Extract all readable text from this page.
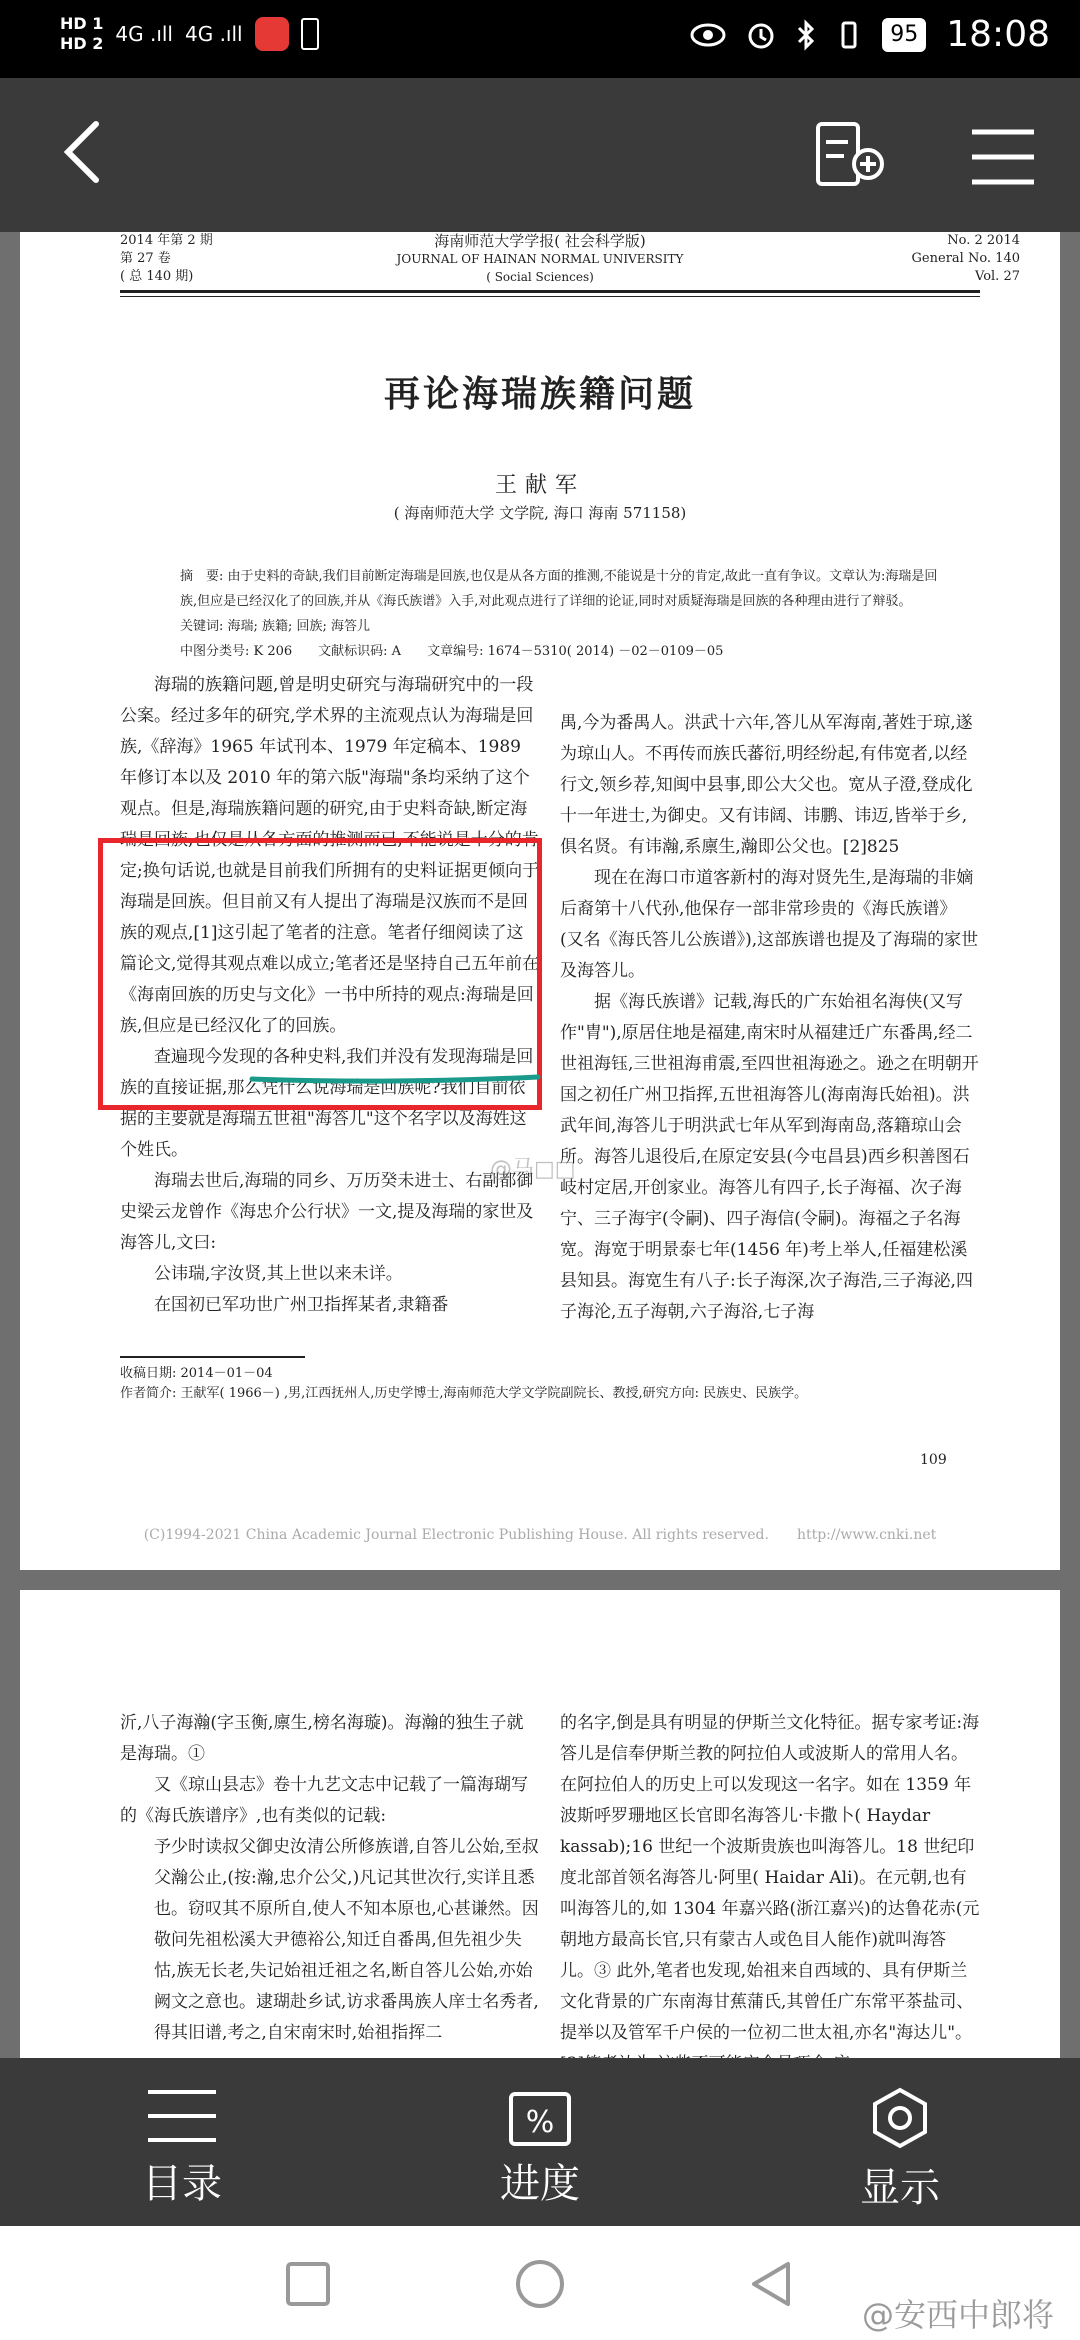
HD 1
HD 2 4G .ıll 4G .ıll	95 18:08
2014 年第 2 期
第 27 卷
( 总 140 期)
海南师范大学学报( 社会科学版)
JOURNAL OF HAINAN NORMAL UNIVERSITY
( Social Sciences)
No. 2 2014
General No. 140
Vol. 27
再论海瑞族籍问题
王献军
( 海南师范大学 文学院, 海口 海南 571158)

摘　要: 由于史料的奇缺,我们目前断定海瑞是回族,也仅是从各方面的推测,不能说是十分的肯定,故此一直有争议。文章认为:海瑞是回族,但应是已经汉化了的回族,并从《海氏族谱》入手,对此观点进行了详细的论证,同时对质疑海瑞是回族的各种理由进行了辩驳。

关键词: 海瑞; 族籍; 回族; 海答儿

中图分类号: K 206　　文献标识码: A　　文章编号: 1674－5310( 2014) －02－0109－05

海瑞的族籍问题,曾是明史研究与海瑞研究中的一段公案。经过多年的研究,学术界的主流观点认为海瑞是回族,《辞海》1965 年试刊本、1979 年定稿本、1989 年修订本以及 2010 年的第六版"海瑞"条均采纳了这个观点。但是,海瑞族籍问题的研究,由于史料奇缺,断定海瑞是回族,也仅是从各方面的推测而已,不能说是十分的肯定;换句话说,也就是目前我们所拥有的史料证据更倾向于海瑞是回族。但目前又有人提出了海瑞是汉族而不是回族的观点,[1]这引起了笔者的注意。笔者仔细阅读了这篇论文,觉得其观点难以成立;笔者还是坚持自己五年前在《海南回族的历史与文化》一书中所持的观点:海瑞是回族,但应是已经汉化了的回族。

查遍现今发现的各种史料,我们并没有发现海瑞是回族的直接证据,那么凭什么说海瑞是回族呢?我们目前依据的主要就是海瑞五世祖"海答儿"这个名字以及海姓这个姓氏。

海瑞去世后,海瑞的同乡、万历癸未进士、右副都御史梁云龙曾作《海忠介公行状》一文,提及海瑞的家世及海答儿,文曰:

公讳瑞,字汝贤,其上世以来未详。

在国初已军功世广州卫指挥某者,隶籍番

@马□□

禺,今为番禺人。洪武十六年,答儿从军海南,著姓于琼,遂为琼山人。不再传而族氏蕃衍,明经纷起,有伟宽者,以经行文,领乡荐,知闽中县事,即公大父也。宽从子澄,登成化十一年进士,为御史。又有讳阔、讳鹏、讳迈,皆举于乡,俱名贤。有讳瀚,系廪生,瀚即公父也。[2]825

现在在海口市道客新村的海对贤先生,是海瑞的非嫡后裔第十八代孙,他保存一部非常珍贵的《海氏族谱》(又名《海氏答儿公族谱》),这部族谱也提及了海瑞的家世及海答儿。

据《海氏族谱》记载,海氏的广东始祖名海侠(又写作"胄"),原居住地是福建,南宋时从福建迁广东番禺,经二世祖海钰,三世祖海甫震,至四世祖海逊之。逊之在明朝开国之初任广州卫指挥,五世祖海答儿(海南海氏始祖)。洪武年间,海答儿于明洪武七年从军到海南岛,落籍琼山会所。海答儿退役后,在原定安县(今屯昌县)西乡积善图石岐村定居,开创家业。海答儿有四子,长子海福、次子海宁、三子海宇(令嗣)、四子海信(令嗣)。海福之子名海宽。海宽于明景泰七年(1456 年)考上举人,任福建松溪县知县。海宽生有八子:长子海深,次子海浩,三子海泌,四子海沦,五子海朝,六子海浴,七子海

收稿日期: 2014－01－04

作者简介: 王献军( 1966－) ,男,江西抚州人,历史学博士,海南师范大学文学院副院长、教授,研究方向: 民族史、民族学。

109
(C)1994-2021 China Academic Journal Electronic Publishing House. All rights reserved.　　http://www.cnki.net

沂,八子海瀚(字玉衡,廪生,榜名海璇)。海瀚的独生子就是海瑞。①

又《琼山县志》卷十九艺文志中记载了一篇海瑚写的《海氏族谱序》,也有类似的记载:

予少时读叔父御史汝清公所修族谱,自答儿公始,至叔父瀚公止,(按:瀚,忠介公父,)凡记其世次行,实详且悉也。窃叹其不原所自,使人不知本原也,心甚谦然。因敬问先祖松溪大尹德裕公,知迁自番禺,但先祖少失怙,族无长老,失记始祖迁祖之名,断自答儿公始,亦始阙文之意也。逮瑚赴乡试,访求番禺族人庠士名秀者,得其旧谱,考之,自宋南宋时,始祖指挥二

的名字,倒是具有明显的伊斯兰文化特征。据专家考证:海答儿是信奉伊斯兰教的阿拉伯人或波斯人的常用人名。在阿拉伯人的历史上可以发现这一名字。如在 1359 年波斯呼罗珊地区长官即名海答儿·卡撒卜( Haydar kassab);16 世纪一个波斯贵族也叫海答儿。18 世纪印度北部首领名海答儿·阿里( Haidar Ali)。在元朝,也有叫海答儿的,如 1304 年嘉兴路(浙江嘉兴)的达鲁花赤(元朝地方最高长官,只有蒙古人或色目人能作)就叫海答儿。③ 此外,笔者也发现,始祖来自西域的、具有伊斯兰文化背景的广东南海甘蕉蒲氏,其曾任广东常平茶盐司、提举以及管军千户侯的一位初二世太祖,亦名"海达儿"。

目录
%
进度	显示
@安西中郎将
